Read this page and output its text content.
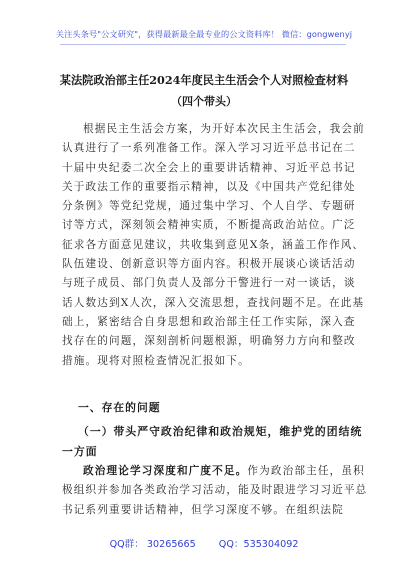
关注头条号"公文研究"，获得最新最全最专业的公文资料库！ 微信：gongwenyj
某法院政治部主任2024年度民主生活会个人对照检查材料
（四个带头）
根据民主生活会方案，为开好本次民主生活会，我会前
认真进行了一系列准备工作。深入学习习近平总书记在二
十届中央纪委二次全会上的重要讲话精神、习近平总书记
关于政法工作的重要指示精神，以及《中国共产党纪律处
分条例》等党纪党规，通过集中学习、个人自学、专题研
讨等方式，深刻领会精神实质，不断提高政治站位。广泛
征求各方面意见建议，共收集到意见X条，涵盖工作作风、
队伍建设、创新意识等方面内容。积极开展谈心谈话活动
与班子成员、部门负责人及部分干警进行一对一谈话，谈
话人数达到X人次，深入交流思想，查找问题不足。在此基
础上，紧密结合自身思想和政治部主任工作实际，深入查
找存在的问题，深刻剖析问题根源，明确努力方向和整改
措施。现将对照检查情况汇报如下。
一、存在的问题
（一）带头严守政治纪律和政治规矩，维护党的团结统
一方面
政治理论学习深度和广度不足。作为政治部主任，虽积
极组织并参加各类政治学习活动，能及时跟进学习习近平总
书记系列重要讲话精神，但学习深度不够。在组织法院
QQ群： 30265665 QQ：535304092
